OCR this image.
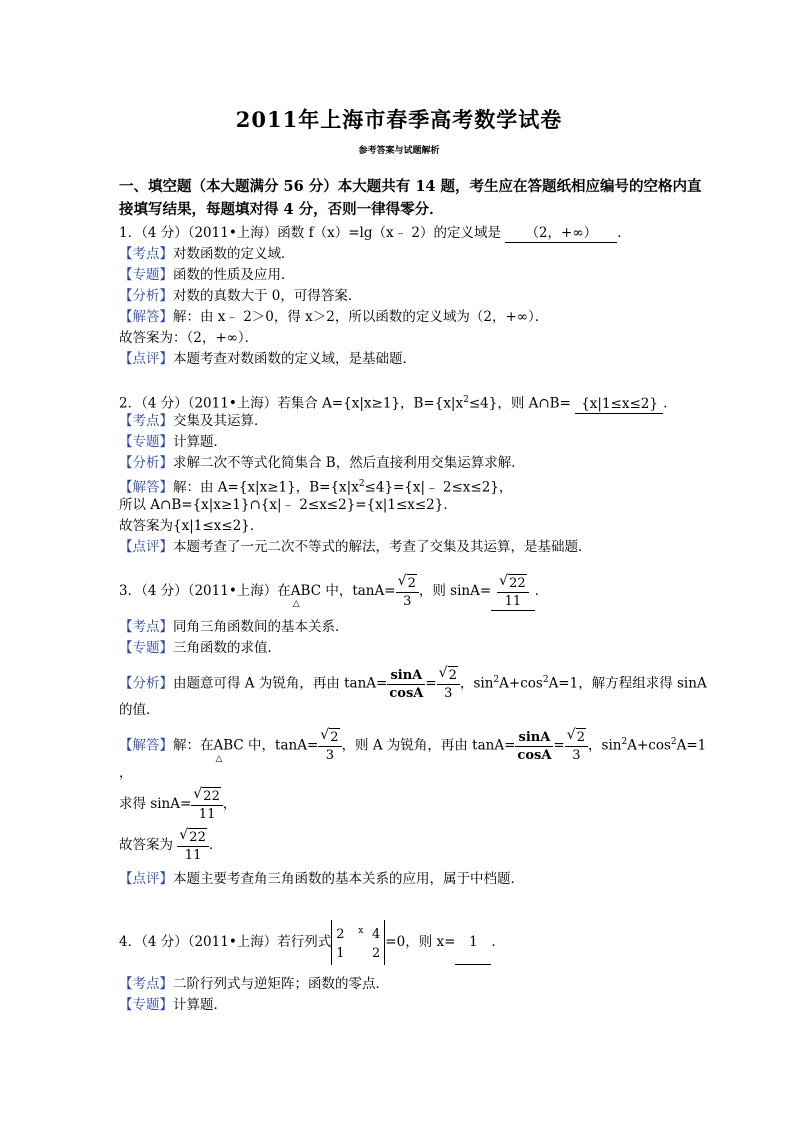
2011年上海市春季高考数学试卷
参考答案与试题解析
一、填空题（本大题满分 56 分）本大题共有 14 题，考生应在答题纸相应编号的空格内直
接填写结果，每题填对得 4 分，否则一律得零分．
1．（4 分）（2011•上海）函数 f（x）=lg（x﹣ 2）的定义域是 （2，+∞） ．
【考点】对数函数的定义域．
【专题】函数的性质及应用．
【分析】对数的真数大于 0，可得答案．
【解答】解：由 x﹣ 2＞0，得 x＞2，所以函数的定义域为（2，+∞）．
故答案为：（2，+∞）．
【点评】本题考查对数函数的定义域，是基础题．
2．（4 分）（2011•上海）若集合 A={x|x≥1}，$B=\{x|x^2\le 4\}$，则 A∩B= {x|1≤x≤2} ．
【考点】交集及其运算．
【专题】计算题．
【分析】求解二次不等式化简集合 B，然后直接利用交集运算求解．
【解答】解：由 A={x|x≥1}，$B=\{x|x^2\le 4\}=\{x|﹣$ 2≤x≤2}，
所以 A∩B={x|x≥1}∩{x|﹣ 2≤x≤2}={x|1≤x≤2}．
故答案为{x|1≤x≤2}．
【点评】本题考查了一元二次不等式的解法，考查了交集及其运算，是基础题．
3．（4 分）（2011•上海）在
△
ABC 中，$\tan A= \frac{√ 2}{3}$ ，则 $\sin A= \frac{√ 22}{11}$ ．
【考点】同角三角函数间的基本关系．
【专题】三角函数的求值．
【分析】由题意可得 A 为锐角，再由 $\tan A= \frac{\sin A}{\cos A} = \frac{√ 2}{3}$ ，$\sin^2A+\cos^2A=1$，解方程组求得 sinA
的值．
【解答】解：在
△
ABC 中，$\tan A= \frac{√ 2}{3}$ ，则 A 为锐角，再由 $\tan A= \frac{\sin A}{\cos A} = \frac{√ 2}{3}$ ，$\sin^2A+\cos^2A=1$
，
求得 $\sin A= \frac{√ 22}{11}$ ，
故答案为 $\frac{√ 22}{11}$ ．
【点评】本题主要考查角三角函数的基本关系的应用，属于中档题．
4．（4 分）（2011•上海）若行列式 2 $^x$ 4
1 2=0，则 x= 1 ．
【考点】二阶行列式与逆矩阵；函数的零点．
【专题】计算题．
